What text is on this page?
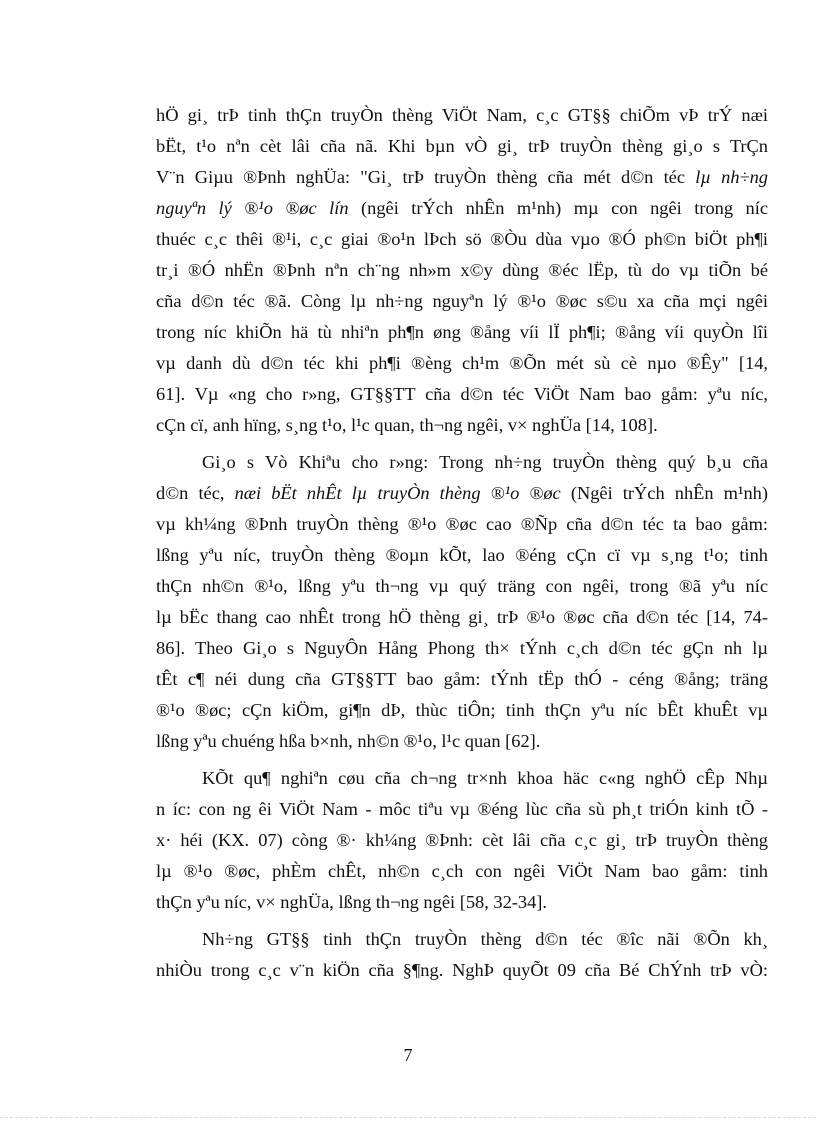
hÖ gi¸ trÞ tinh thÇn truyÒn thèng ViÖt Nam, c¸c GT§§ chiÕm vÞ trÝ næi
bËt, t¹o nªn cèt lâi cña nã. Khi bµn vÒ gi¸ trÞ truyÒn thèng gi¸o s TrÇn
V¨n Giµu ®Þnh nghÜa: "Gi¸ trÞ truyÒn thèng cña mét d©n téc lµ nh÷ng
nguyªn lý ®¹o ®øc lín (ngêi trÝch nhÊn m¹nh) mµ con ngêi trong níc
thuéc c¸c thêi ®¹i, c¸c giai ®o¹n lÞch sö ®Òu dùa vµo ®Ó ph©n biÖt ph¶i
tr¸i ®Ó nhËn ®Þnh nªn ch¨ng nh»m x©y dùng ®éc lËp, tù do vµ tiÕn bé
cña d©n téc ®ã. Còng lµ nh÷ng nguyªn lý ®¹o ®øc s©u xa cña mçi ngêi
trong níc khiÕn hä tù nhiªn ph¶n øng ®ång víi lÏ ph¶i; ®ång víi quyÒn lîi
vµ danh dù d©n téc khi ph¶i ®èng ch¹m ®Õn mét sù cè nµo ®Êy" [14,
61]. Vµ «ng cho r»ng, GT§§TT cña d©n téc ViÖt Nam bao gåm: yªu níc,
cÇn cï, anh hïng, s¸ng t¹o, l¹c quan, th¬ng ngêi, v× nghÜa [14, 108].
Gi¸o s Vò Khiªu cho r»ng: Trong nh÷ng truyÒn thèng quý b¸u cña
d©n téc, næi bËt nhÊt lµ truyÒn thèng ®¹o ®øc (Ngêi trÝch nhÊn m¹nh)
vµ kh¼ng ®Þnh truyÒn thèng ®¹o ®øc cao ®Ñp cña d©n téc ta bao gåm:
lßng yªu níc, truyÒn thèng ®oµn kÕt, lao ®éng cÇn cï vµ s¸ng t¹o; tinh
thÇn nh©n ®¹o, lßng yªu th¬ng vµ quý träng con ngêi, trong ®ã yªu níc
lµ bËc thang cao nhÊt trong hÖ thèng gi¸ trÞ ®¹o ®øc cña d©n téc [14, 74-
86]. Theo Gi¸o s NguyÔn Hång Phong th× tÝnh c¸ch d©n téc gÇn nh lµ
tÊt c¶ néi dung cña GT§§TT bao gåm: tÝnh tËp thÓ - céng ®ång; träng
®¹o ®øc; cÇn kiÖm, gi¶n dÞ, thùc tiÔn; tinh thÇn yªu níc bÊt khuÊt vµ
lßng yªu chuéng hßa b×nh, nh©n ®¹o, l¹c quan [62].
KÕt qu¶ nghiªn cøu cña ch¬ng tr×nh khoa häc c«ng nghÖ cÊp Nhµ
n íc: con ng êi ViÖt Nam - môc tiªu vµ ®éng lùc cña sù ph¸t triÓn kinh tÕ -
x· héi (KX. 07) còng ®· kh¼ng ®Þnh: cèt lâi cña c¸c gi¸ trÞ truyÒn thèng
lµ ®¹o ®øc, phÈm chÊt, nh©n c¸ch con ngêi ViÖt Nam bao gåm: tinh
thÇn yªu níc, v× nghÜa, lßng th¬ng ngêi [58, 32-34].
Nh÷ng GT§§ tinh thÇn truyÒn thèng d©n téc ®îc nãi ®Õn kh¸
nhiÒu trong c¸c v¨n kiÖn cña §¶ng. NghÞ quyÕt 09 cña Bé ChÝnh trÞ vÒ:
7
